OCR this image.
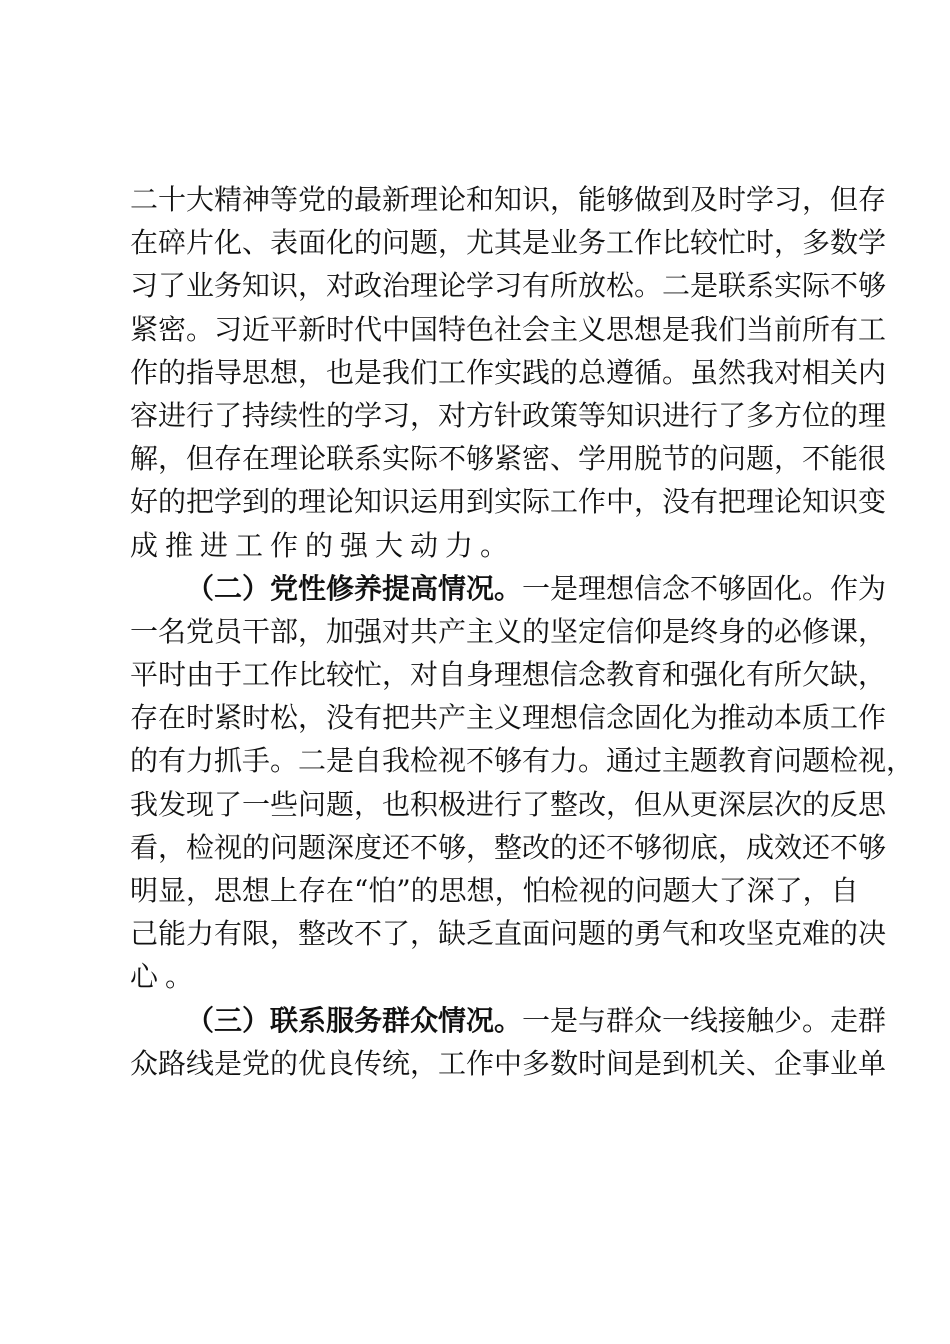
二十大精神等党的最新理论和知识，能够做到及时学习，但存
在碎片化、表面化的问题，尤其是业务工作比较忙时，多数学
习了业务知识，对政治理论学习有所放松。二是联系实际不够
紧密。习近平新时代中国特色社会主义思想是我们当前所有工
作的指导思想，也是我们工作实践的总遵循。虽然我对相关内
容进行了持续性的学习，对方针政策等知识进行了多方位的理
解，但存在理论联系实际不够紧密、学用脱节的问题，不能很
好的把学到的理论知识运用到实际工作中，没有把理论知识变
成推进工作的强大动力。
（二）党性修养提高情况。一是理想信念不够固化。作为
一名党员干部，加强对共产主义的坚定信仰是终身的必修课，
平时由于工作比较忙，对自身理想信念教育和强化有所欠缺，
存在时紧时松，没有把共产主义理想信念固化为推动本质工作
的有力抓手。二是自我检视不够有力。通过主题教育问题检视，
我发现了一些问题，也积极进行了整改，但从更深层次的反思
看，检视的问题深度还不够，整改的还不够彻底，成效还不够
明显，思想上存在“怕”的思想，怕检视的问题大了深了，自
己能力有限，整改不了，缺乏直面问题的勇气和攻坚克难的决
心。
（三）联系服务群众情况。一是与群众一线接触少。走群
众路线是党的优良传统，工作中多数时间是到机关、企事业单
